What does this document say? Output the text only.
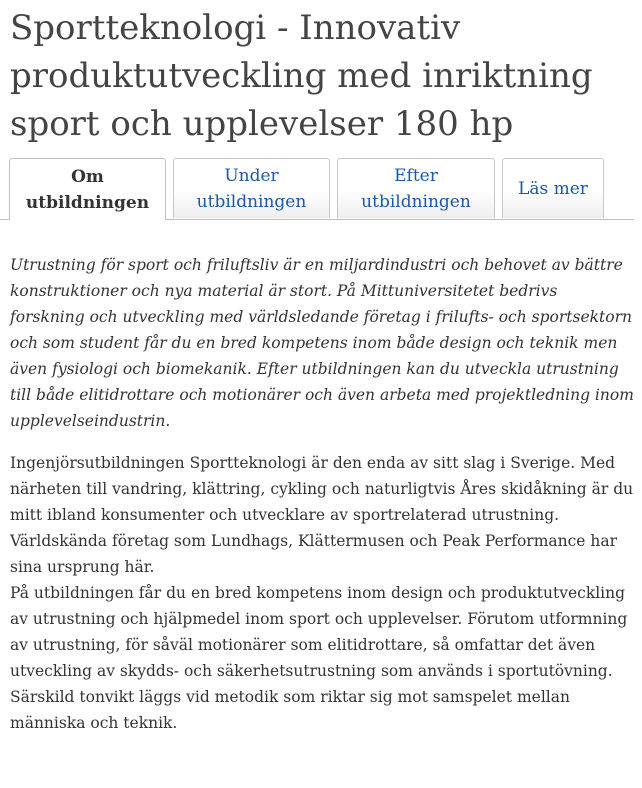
Sportteknologi - Innovativ produktutveckling med inriktning sport och upplevelser 180 hp
Om
utbildningen
Under
utbildningen
Efter
utbildningen
Läs mer

Utrustning för sport och friluftsliv är en miljardindustri och behovet av bättre konstruktioner och nya material är stort. På Mittuniversitetet bedrivs forskning och utveckling med världsledande företag i frilufts- och sportsektorn och som student får du en bred kompetens inom både design och teknik men även fysiologi och biomekanik. Efter utbildningen kan du utveckla utrustning till både elitidrottare och motionärer och även arbeta med projektledning inom upplevelseindustrin.

Ingenjörsutbildningen Sportteknologi är den enda av sitt slag i Sverige. Med närheten till vandring, klättring, cykling och naturligtvis Åres skidåkning är du mitt ibland konsumenter och utvecklare av sportrelaterad utrustning. Världskända företag som Lundhags, Klättermusen och Peak Performance har sina ursprung här.

På utbildningen får du en bred kompetens inom design och produktutveckling av utrustning och hjälpmedel inom sport och upplevelser. Förutom utformning av utrustning, för såväl motionärer som elitidrottare, så omfattar det även utveckling av skydds- och säkerhetsutrustning som används i sportutövning. Särskild tonvikt läggs vid metodik som riktar sig mot samspelet mellan människa och teknik.
